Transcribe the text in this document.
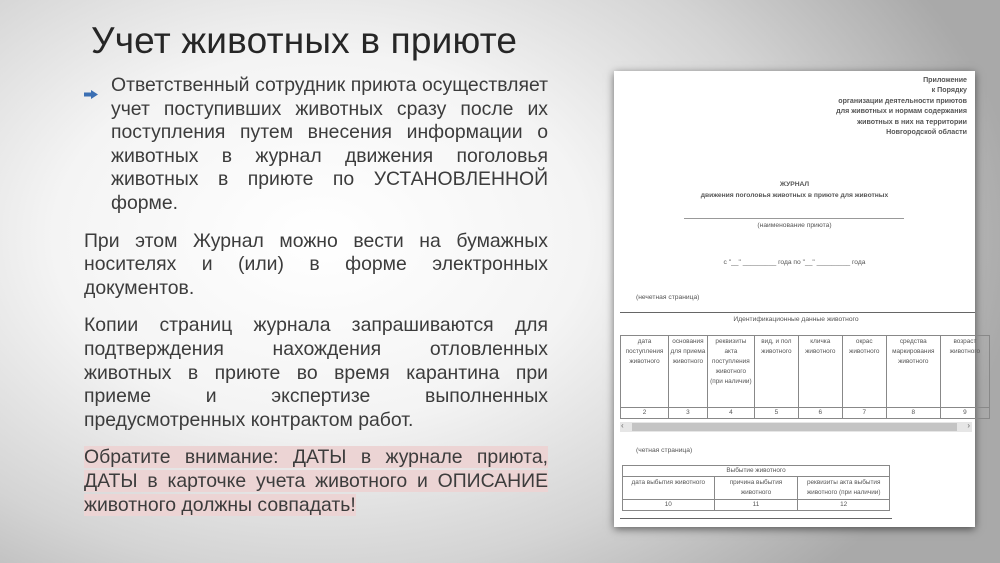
Учет животных в приюте
Ответственный сотрудник приюта осуществляет учет поступивших животных сразу после их поступления путем внесения информации о животных в журнал движения поголовья животных в приюте по УСТАНОВЛЕННОЙ форме.
При этом Журнал можно вести на бумажных носителях и (или) в форме электронных документов.
Копии страниц журнала запрашиваются для подтверждения нахождения отловленных животных в приюте во время карантина при приеме и экспертизе выполненных предусмотренных контрактом работ.
Обратите внимание: ДАТЫ в журнале приюта, ДАТЫ в карточке учета животного и ОПИСАНИЕ животного должны совпадать!
Приложение
к Порядку
организации деятельности приютов
для животных и нормам содержания
животных в них на территории
Новгородской области
ЖУРНАЛ
движения поголовья животных в приюте для животных
(наименование приюта)
с "__" _________ года по "__" _________ года
(нечетная страница)
Идентификационные данные животного
дата поступления животного	основания для приема животного	реквизиты акта поступления животного (при наличии)	вид, и пол животного	кличка животного	окрас животного	средства маркирования животного	возраст животного
2	3	4	5	6	7	8	9
‹	›
(четная страница)
Выбытие животного		
дата выбытия животного	причина выбытия животного	реквизиты акта выбытия животного (при наличии)
10	11	12
